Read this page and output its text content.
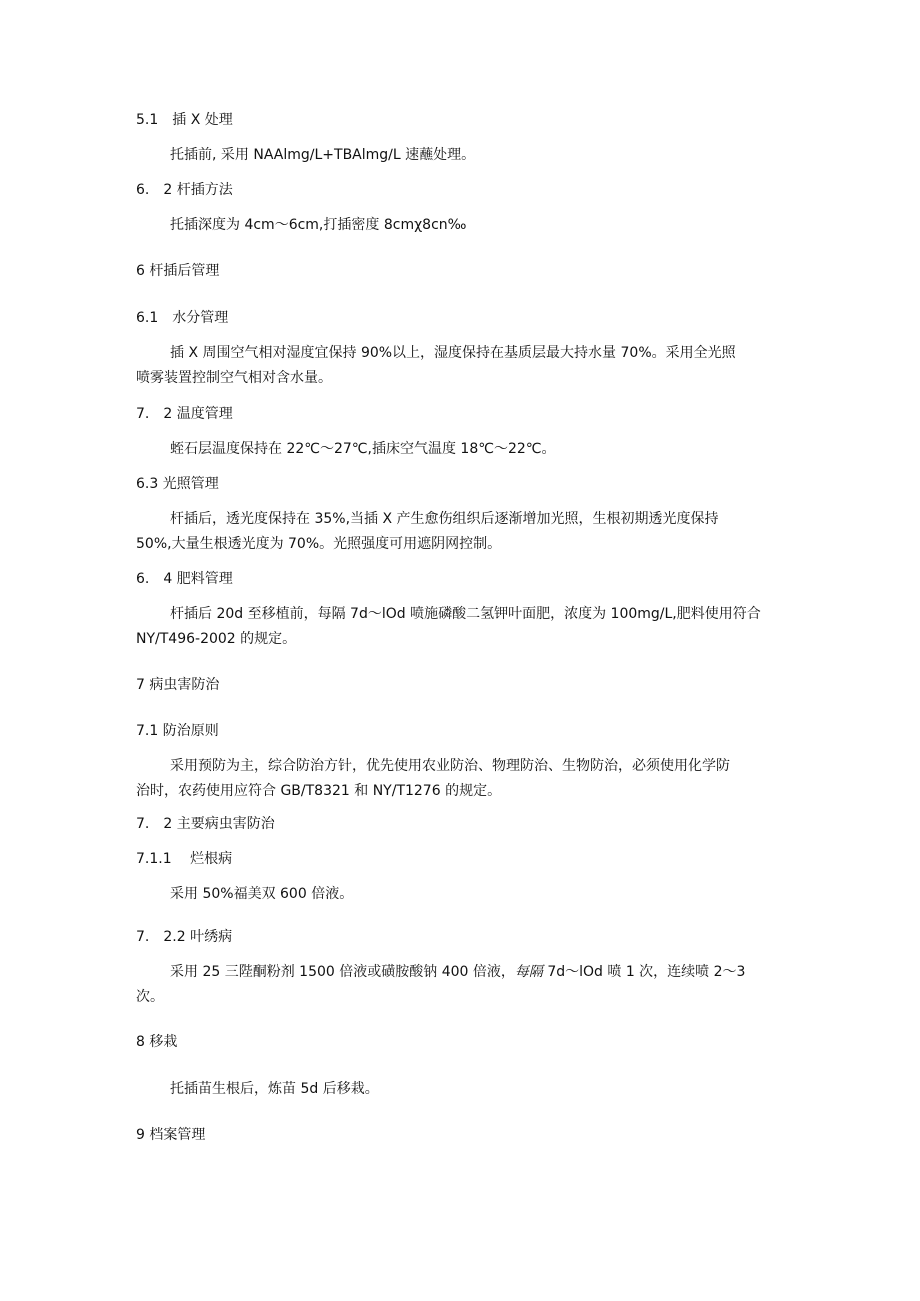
5.1　插 X 处理
托插前, 采用 NAAlmg∕L+TBAlmg∕L 速蘸处理。
6.　2 杆插方法
托插深度为 4cm～6cm,打插密度 8cmχ8cn‰
6 杆插后管理
6.1　水分管理
插 X 周围空气相对湿度宜保持 90%以上，湿度保持在基质层最大持水量 70%。采用全光照
喷雾装置控制空气相对含水量。
7.　2 温度管理
蛭石层温度保持在 22℃～27℃,插床空气温度 18℃～22℃。
6.3 光照管理
杆插后，透光度保持在 35%,当插 X 产生愈伤组织后逐渐增加光照，生根初期透光度保持
50%,大量生根透光度为 70%。光照强度可用遮阴网控制。
6.　4 肥料管理
杆插后 20d 至移植前，每隔 7d～lOd 喷施磷酸二氢钾叶面肥，浓度为 100mg/L,肥料使用符合
NY/T496-2002 的规定。
7 病虫害防治
7.1 防治原则
采用预防为主，综合防治方针，优先使用农业防治、物理防治、生物防治，必须使用化学防
治时，农药使用应符合 GB/T8321 和 NY/T1276 的规定。
7.　2 主要病虫害防治
7.1.1　 烂根病
采用 50%福美双 600 倍液。
7.　2.2 叶绣病
采用 25 三陛酮粉剂 1500 倍液或磺胺酸钠 400 倍液，每隔 7d～lOd 喷 1 次，连续喷 2～3
次。
8 移栽
托插苗生根后，炼苗 5d 后移栽。
9 档案管理
